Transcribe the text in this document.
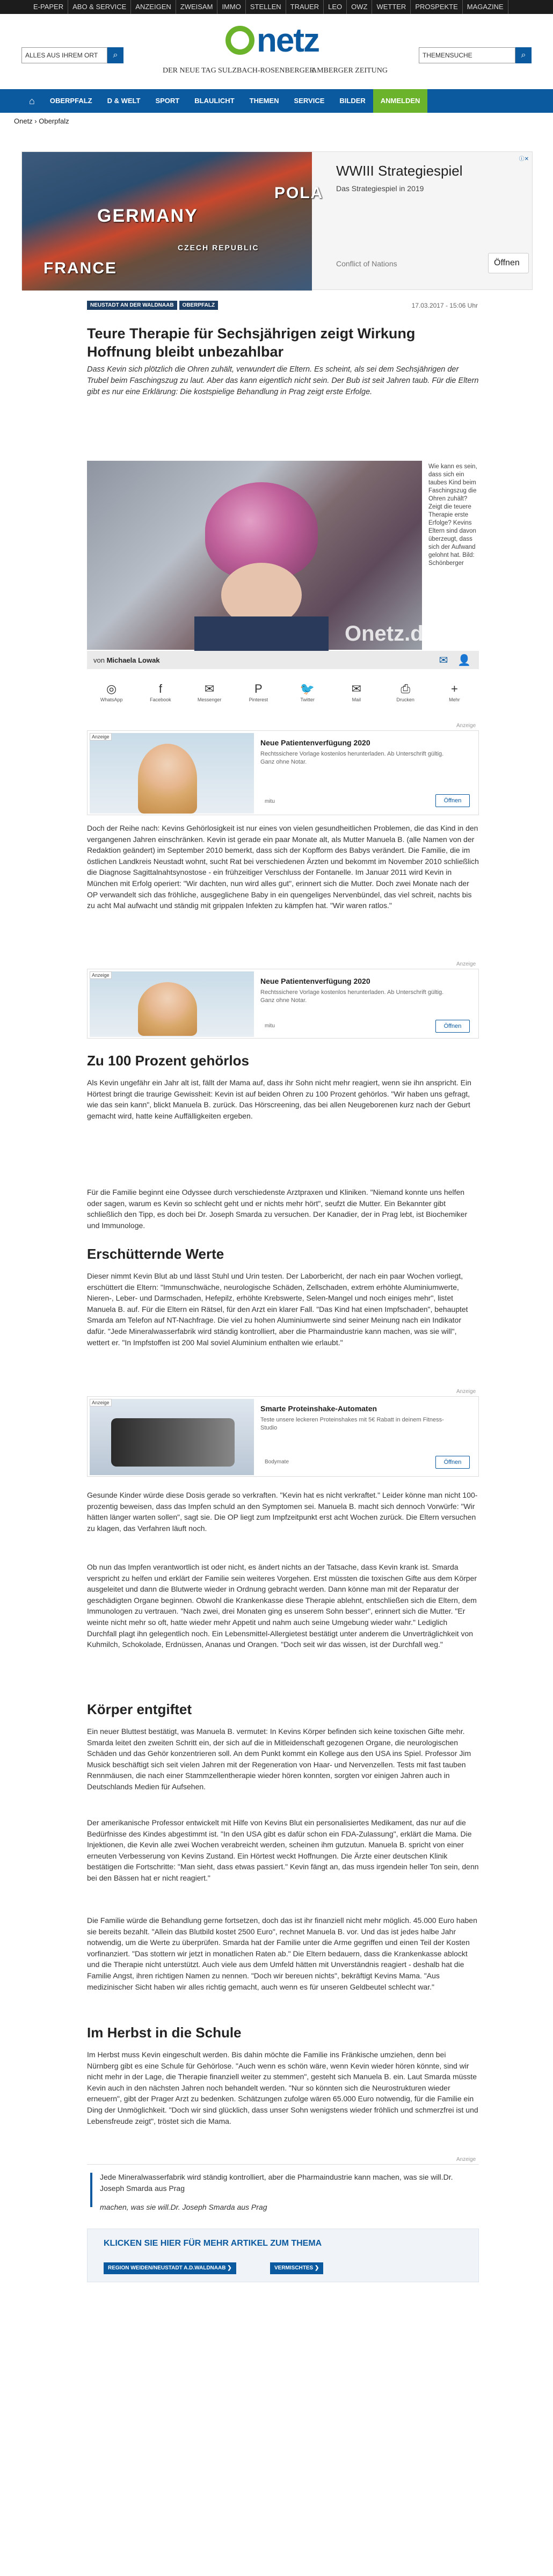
E-PAPER	ABO & SERVICE	ANZEIGEN	ZWEISAM	IMMO	STELLEN	TRAUER	LEO	OWZ	WETTER	PROSPEKTE	MAGAZINE
ALLES AUS IHREM ORT	⌕	netz
DER NEUE TAG SULZBACH-ROSENBERGER
AMBERGER ZEITUNG
THEMENSUCHE	⌕
⌂	OBERPFALZ	D & WELT	SPORT	BLAULICHT	THEMEN	SERVICE	BILDER	ANMELDEN
Onetz › Oberpfalz
GERMANY
POLA
FRANCE
CZECH REPUBLIC
WWIII Strategiespiel
Das Strategiespiel in 2019
Conflict of Nations	Öffnen
ⓘ✕
NEUSTADT AN DER WALDNAAB	OBERPFALZ	17.03.2017 - 15:06 Uhr
Teure Therapie für Sechsjährigen zeigt Wirkung Hoffnung bleibt unbezahlbar
Dass Kevin sich plötzlich die Ohren zuhält, verwundert die Eltern. Es scheint, als sei dem Sechsjährigen der Trubel beim Faschingszug zu laut. Aber das kann eigentlich nicht sein. Der Bub ist seit Jahren taub. Für die Eltern gibt es nur eine Erklärung: Die kostspielige Behandlung in Prag zeigt erste Erfolge.
Onetz.de
Wie kann es sein, dass sich ein taubes Kind beim Faschingszug die Ohren zuhält? Zeigt die teuere Therapie erste Erfolge? Kevins Eltern sind davon überzeugt, dass sich der Aufwand gelohnt hat. Bild: Schönberger
von Michaela Lowak	✉ 👤
◎
WhatsApp
f
Facebook
✉
Messenger
P
Pinterest
🐦
Twitter
✉
Mail
⎙
Drucken
+
Mehr
Anzeige
Anzeige
Neue Patientenverfügung 2020
Rechtssichere Vorlage kostenlos herunterladen. Ab Unterschrift gültig. Ganz ohne Notar.
mitu	Öffnen

Doch der Reihe nach: Kevins Gehörlosigkeit ist nur eines von vielen gesundheitlichen Problemen, die das Kind in den vergangenen Jahren einschränken. Kevin ist gerade ein paar Monate alt, als Mutter Manuela B. (alle Namen von der Redaktion geändert) im September 2010 bemerkt, dass sich der Kopfform des Babys verändert. Die Familie, die im östlichen Landkreis Neustadt wohnt, sucht Rat bei verschiedenen Ärzten und bekommt im November 2010 schließlich die Diagnose Sagittalnahtsynostose - ein frühzeitiger Verschluss der Fontanelle. Im Januar 2011 wird Kevin in München mit Erfolg operiert: "Wir dachten, nun wird alles gut", erinnert sich die Mutter. Doch zwei Monate nach der OP verwandelt sich das fröhliche, ausgeglichene Baby in ein quengeliges Nervenbündel, das viel schreit, nachts bis zu acht Mal aufwacht und ständig mit grippalen Infekten zu kämpfen hat. "Wir waren ratlos."

Anzeige
Anzeige
Neue Patientenverfügung 2020
Rechtssichere Vorlage kostenlos herunterladen. Ab Unterschrift gültig. Ganz ohne Notar.
mitu	Öffnen
Zu 100 Prozent gehörlos

Als Kevin ungefähr ein Jahr alt ist, fällt der Mama auf, dass ihr Sohn nicht mehr reagiert, wenn sie ihn anspricht. Ein Hörtest bringt die traurige Gewissheit: Kevin ist auf beiden Ohren zu 100 Prozent gehörlos. "Wir haben uns gefragt, wie das sein kann", blickt Manuela B. zurück. Das Hörscreening, das bei allen Neugeborenen kurz nach der Geburt gemacht wird, hatte keine Auffälligkeiten ergeben.

Für die Familie beginnt eine Odyssee durch verschiedenste Arztpraxen und Kliniken. "Niemand konnte uns helfen oder sagen, warum es Kevin so schlecht geht und er nichts mehr hört", seufzt die Mutter. Ein Bekannter gibt schließlich den Tipp, es doch bei Dr. Joseph Smarda zu versuchen. Der Kanadier, der in Prag lebt, ist Biochemiker und Immunologe.

Erschütternde Werte

Dieser nimmt Kevin Blut ab und lässt Stuhl und Urin testen. Der Laborbericht, der nach ein paar Wochen vorliegt, erschüttert die Eltern: "Immunschwäche, neurologische Schäden, Zellschaden, extrem erhöhte Aluminiumwerte, Nieren-, Leber- und Darmschaden, Hefepilz, erhöhte Krebswerte, Selen-Mangel und noch einiges mehr", listet Manuela B. auf. Für die Eltern ein Rätsel, für den Arzt ein klarer Fall. "Das Kind hat einen Impfschaden", behauptet Smarda am Telefon auf NT-Nachfrage. Die viel zu hohen Aluminiumwerte sind seiner Meinung nach ein Indikator dafür. "Jede Mineralwasserfabrik wird ständig kontrolliert, aber die Pharmaindustrie kann machen, was sie will", wettert er. "In Impfstoffen ist 200 Mal soviel Aluminium enthalten wie erlaubt."

Anzeige
Anzeige
Smarte Proteinshake-Automaten
Teste unsere leckeren Proteinshakes mit 5€ Rabatt in deinem Fitness-Studio
Bodymate	Öffnen

Gesunde Kinder würde diese Dosis gerade so verkraften. "Kevin hat es nicht verkraftet." Leider könne man nicht 100-prozentig beweisen, dass das Impfen schuld an den Symptomen sei. Manuela B. macht sich dennoch Vorwürfe: "Wir hätten länger warten sollen", sagt sie. Die OP liegt zum Impfzeitpunkt erst acht Wochen zurück. Die Eltern versuchen zu klagen, das Verfahren läuft noch.

Ob nun das Impfen verantwortlich ist oder nicht, es ändert nichts an der Tatsache, dass Kevin krank ist. Smarda verspricht zu helfen und erklärt der Familie sein weiteres Vorgehen. Erst müssten die toxischen Gifte aus dem Körper ausgeleitet und dann die Blutwerte wieder in Ordnung gebracht werden. Dann könne man mit der Reparatur der geschädigten Organe beginnen. Obwohl die Krankenkasse diese Therapie ablehnt, entschließen sich die Eltern, dem Immunologen zu vertrauen. "Nach zwei, drei Monaten ging es unserem Sohn besser", erinnert sich die Mutter. "Er weinte nicht mehr so oft, hatte wieder mehr Appetit und nahm auch seine Umgebung wieder wahr." Lediglich Durchfall plagt ihn gelegentlich noch. Ein Lebensmittel-Allergietest bestätigt unter anderem die Unverträglichkeit von Kuhmilch, Schokolade, Erdnüssen, Ananas und Orangen. "Doch seit wir das wissen, ist der Durchfall weg."

Körper entgiftet

Ein neuer Bluttest bestätigt, was Manuela B. vermutet: In Kevins Körper befinden sich keine toxischen Gifte mehr. Smarda leitet den zweiten Schritt ein, der sich auf die in Mitleidenschaft gezogenen Organe, die neurologischen Schäden und das Gehör konzentrieren soll. An dem Punkt kommt ein Kollege aus den USA ins Spiel. Professor Jim Musick beschäftigt sich seit vielen Jahren mit der Regeneration von Haar- und Nervenzellen. Tests mit fast tauben Rennmäusen, die nach einer Stammzellentherapie wieder hören konnten, sorgten vor einigen Jahren auch in Deutschlands Medien für Aufsehen.

Der amerikanische Professor entwickelt mit Hilfe von Kevins Blut ein personalisiertes Medikament, das nur auf die Bedürfnisse des Kindes abgestimmt ist. "In den USA gibt es dafür schon ein FDA-Zulassung", erklärt die Mama. Die Injektionen, die Kevin alle zwei Wochen verabreicht werden, scheinen ihm gutzutun. Manuela B. spricht von einer erneuten Verbesserung von Kevins Zustand. Ein Hörtest weckt Hoffnungen. Die Ärzte einer deutschen Klinik bestätigen die Fortschritte: "Man sieht, dass etwas passiert." Kevin fängt an, das muss irgendein heller Ton sein, denn bei den Bässen hat er nicht reagiert."

Die Familie würde die Behandlung gerne fortsetzen, doch das ist ihr finanziell nicht mehr möglich. 45.000 Euro haben sie bereits bezahlt. "Allein das Blutbild kostet 2500 Euro", rechnet Manuela B. vor. Und das ist jedes halbe Jahr notwendig, um die Werte zu überprüfen. Smarda hat der Familie unter die Arme gegriffen und einen Teil der Kosten vorfinanziert. "Das stottern wir jetzt in monatlichen Raten ab." Die Eltern bedauern, dass die Krankenkasse ablockt und die Therapie nicht unterstützt. Auch viele aus dem Umfeld hätten mit Unverständnis reagiert - deshalb hat die Familie Angst, ihren richtigen Namen zu nennen. "Doch wir bereuen nichts", bekräftigt Kevins Mama. "Aus medizinischer Sicht haben wir alles richtig gemacht, auch wenn es für unseren Geldbeutel schlecht war."

Im Herbst in die Schule

Im Herbst muss Kevin eingeschult werden. Bis dahin möchte die Familie ins Fränkische umziehen, denn bei Nürnberg gibt es eine Schule für Gehörlose. "Auch wenn es schön wäre, wenn Kevin wieder hören könnte, sind wir nicht mehr in der Lage, die Therapie finanziell weiter zu stemmen", gesteht sich Manuela B. ein. Laut Smarda müsste Kevin auch in den nächsten Jahren noch behandelt werden. "Nur so könnten sich die Neurostrukturen wieder erneuern", gibt der Prager Arzt zu bedenken. Schätzungen zufolge wären 65.000 Euro notwendig, für die Familie ein Ding der Unmöglichkeit. "Doch wir sind glücklich, dass unser Sohn wenigstens wieder fröhlich und schmerzfrei ist und Lebensfreude zeigt", tröstet sich die Mama.

Anzeige
Jede Mineralwasserfabrik wird ständig kontrolliert, aber die Pharmaindustrie kann machen, was sie will.Dr. Joseph Smarda aus Prag
machen, was sie will.Dr. Joseph Smarda aus Prag
KLICKEN SIE HIER FÜR MEHR ARTIKEL ZUM THEMA
REGION WEIDEN/NEUSTADT A.D.WALDNAAB ❯	VERMISCHTES ❯
